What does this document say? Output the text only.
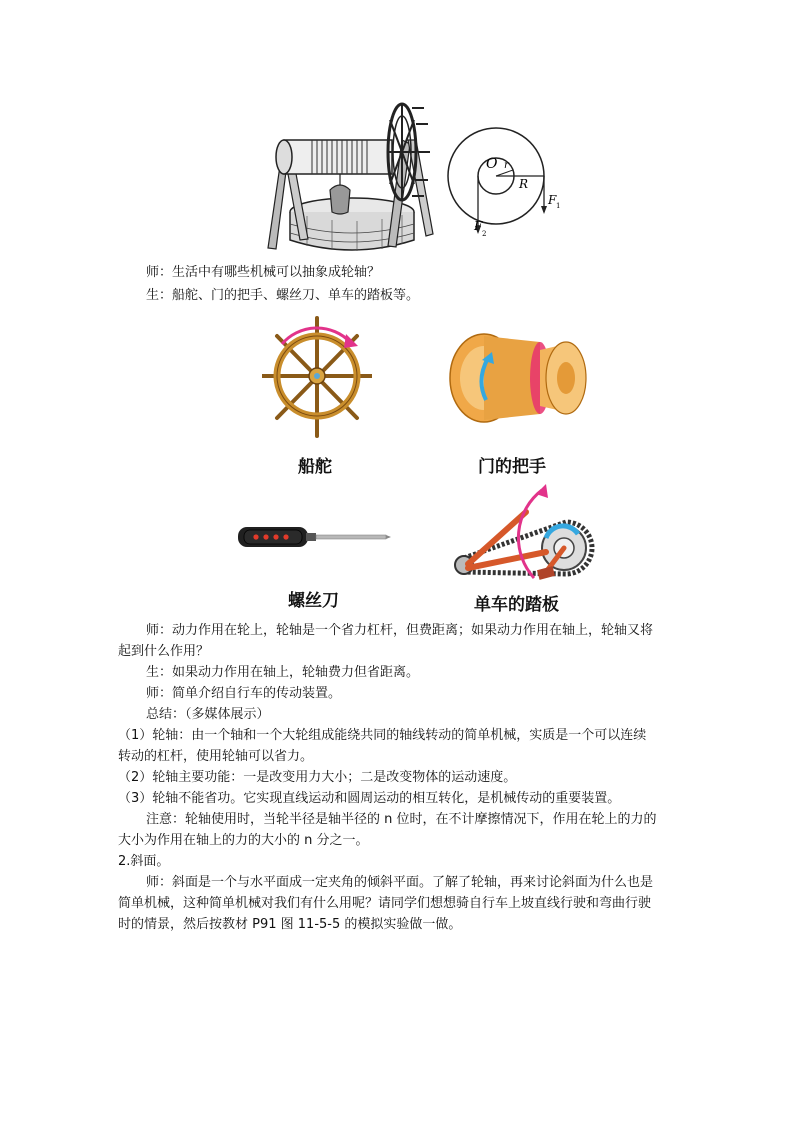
O r
R
F 1
F
2
师：生活中有哪些机械可以抽象成轮轴？
生：船舵、门的把手、螺丝刀、单车的踏板等。
船舵	门的把手
螺丝刀	单车的踏板
师：动力作用在轮上，轮轴是一个省力杠杆，但费距离；如果动力作用在轴上，轮轴又将
起到什么作用？
生：如果动力作用在轴上，轮轴费力但省距离。
师：简单介绍自行车的传动装置。
总结：（多媒体展示）
（1）轮轴：由一个轴和一个大轮组成能绕共同的轴线转动的简单机械，实质是一个可以连续
转动的杠杆，使用轮轴可以省力。
（2）轮轴主要功能：一是改变用力大小；二是改变物体的运动速度。
（3）轮轴不能省功。它实现直线运动和圆周运动的相互转化，是机械传动的重要装置。
注意：轮轴使用时，当轮半径是轴半径的 n 位时，在不计摩擦情况下，作用在轮上的力的
大小为作用在轴上的力的大小的 n 分之一。
2.斜面。
师：斜面是一个与水平面成一定夹角的倾斜平面。了解了轮轴，再来讨论斜面为什么也是
简单机械，这种简单机械对我们有什么用呢？请同学们想想骑自行车上坡直线行驶和弯曲行驶
时的情景，然后按教材 P91 图 11-5-5 的模拟实验做一做。
